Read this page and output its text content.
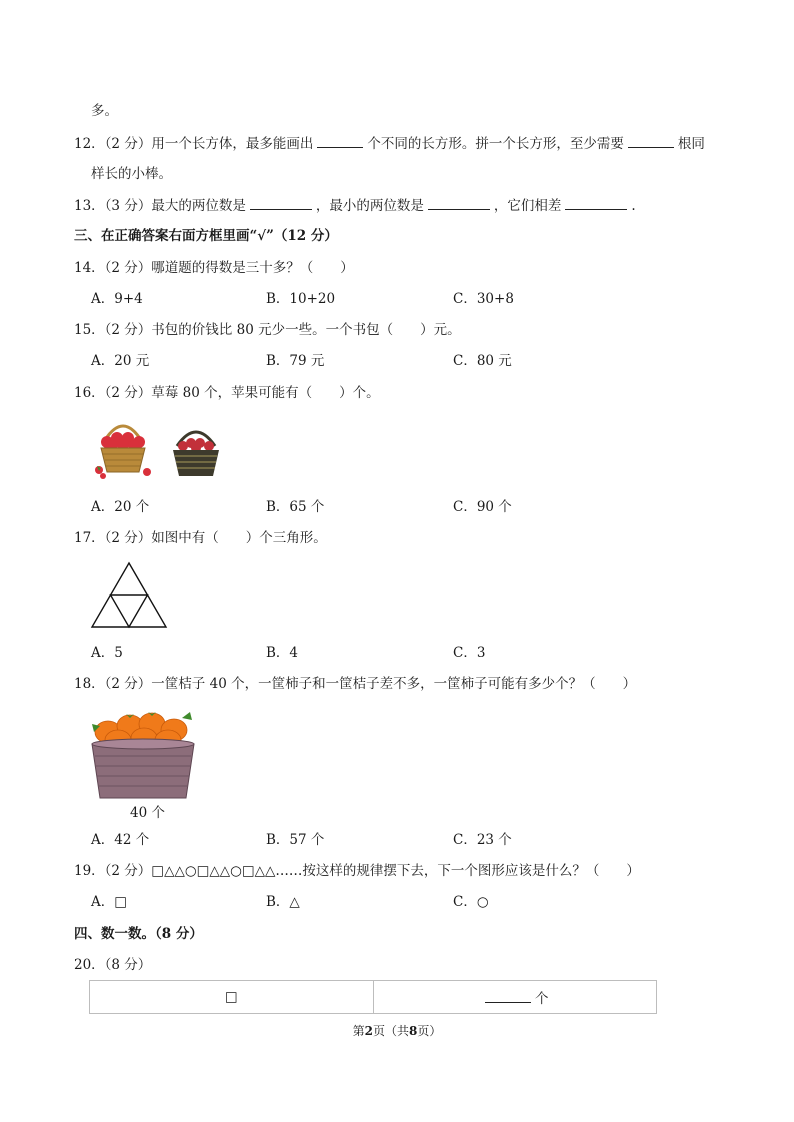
多。
12．（2 分）用一个长方体，最多能画出	个不同的长方形。拼一个长方形，至少需要	根同
样长的小棒。
13．（3 分）最大的两位数是	，最小的两位数是	，它们相差	.
三、在正确答案右面方框里画“√”（12 分）
14．（2 分）哪道题的得数是三十多？（　　）
A．9+4	B．10+20	C．30+8
15．（2 分）书包的价钱比 80 元少一些。一个书包（　　）元。
A．20 元	B．79 元	C．80 元
16．（2 分）草莓 80 个，苹果可能有（　　）个。
A．20 个	B．65 个	C．90 个
17．（2 分）如图中有（　　）个三角形。
A．5	B．4	C．3
18．（2 分）一筐桔子 40 个，一筐柿子和一筐桔子差不多，一筐柿子可能有多少个？（　　）
40 个
A．42 个	B．57 个	C．23 个
19．（2 分）□△△○□△△○□△△……按这样的规律摆下去，下一个图形应该是什么？（　　）
A．□	B．△	C．○
四、数一数。（8 分）
20．（8 分）
□	个
第2页（共8页）
